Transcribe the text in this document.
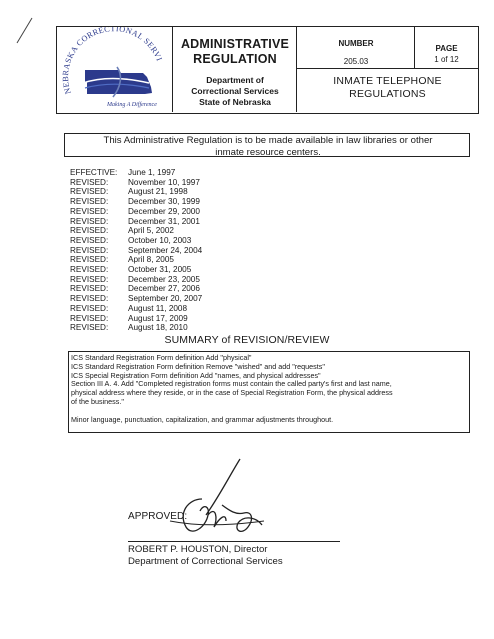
NEBRASKA CORRECTIONAL SERVI
Making A Difference
ADMINISTRATIVE
REGULATION
Department of
Correctional Services
State of Nebraska
NUMBER
205.03
PAGE
1 of 12
INMATE TELEPHONE
REGULATIONS
This Administrative Regulation is to be made available in law libraries or other
inmate resource centers.
EFFECTIVE: June 1, 1997
REVISED: November 10, 1997
REVISED: August 21, 1998
REVISED: December 30, 1999
REVISED: December 29, 2000
REVISED: December 31, 2001
REVISED: April 5, 2002
REVISED: October 10, 2003
REVISED: September 24, 2004
REVISED: April 8, 2005
REVISED: October 31, 2005
REVISED: December 23, 2005
REVISED: December 27, 2006
REVISED: September 20, 2007
REVISED: August 11, 2008
REVISED: August 17, 2009
REVISED: August 18, 2010
SUMMARY of REVISION/REVIEW
ICS Standard Registration Form definition Add "physical"
ICS Standard Registration Form definition Remove "wished" and add "requests"
ICS Special Registration Form definition Add "names, and physical addresses"
Section III A. 4. Add "Completed registration forms must contain the called party's first and last name,
physical address where they reside, or in the case of Special Registration Form, the physical address
of the business."
Minor language, punctuation, capitalization, and grammar adjustments throughout.
APPROVED:
ROBERT P. HOUSTON, Director
Department of Correctional Services
